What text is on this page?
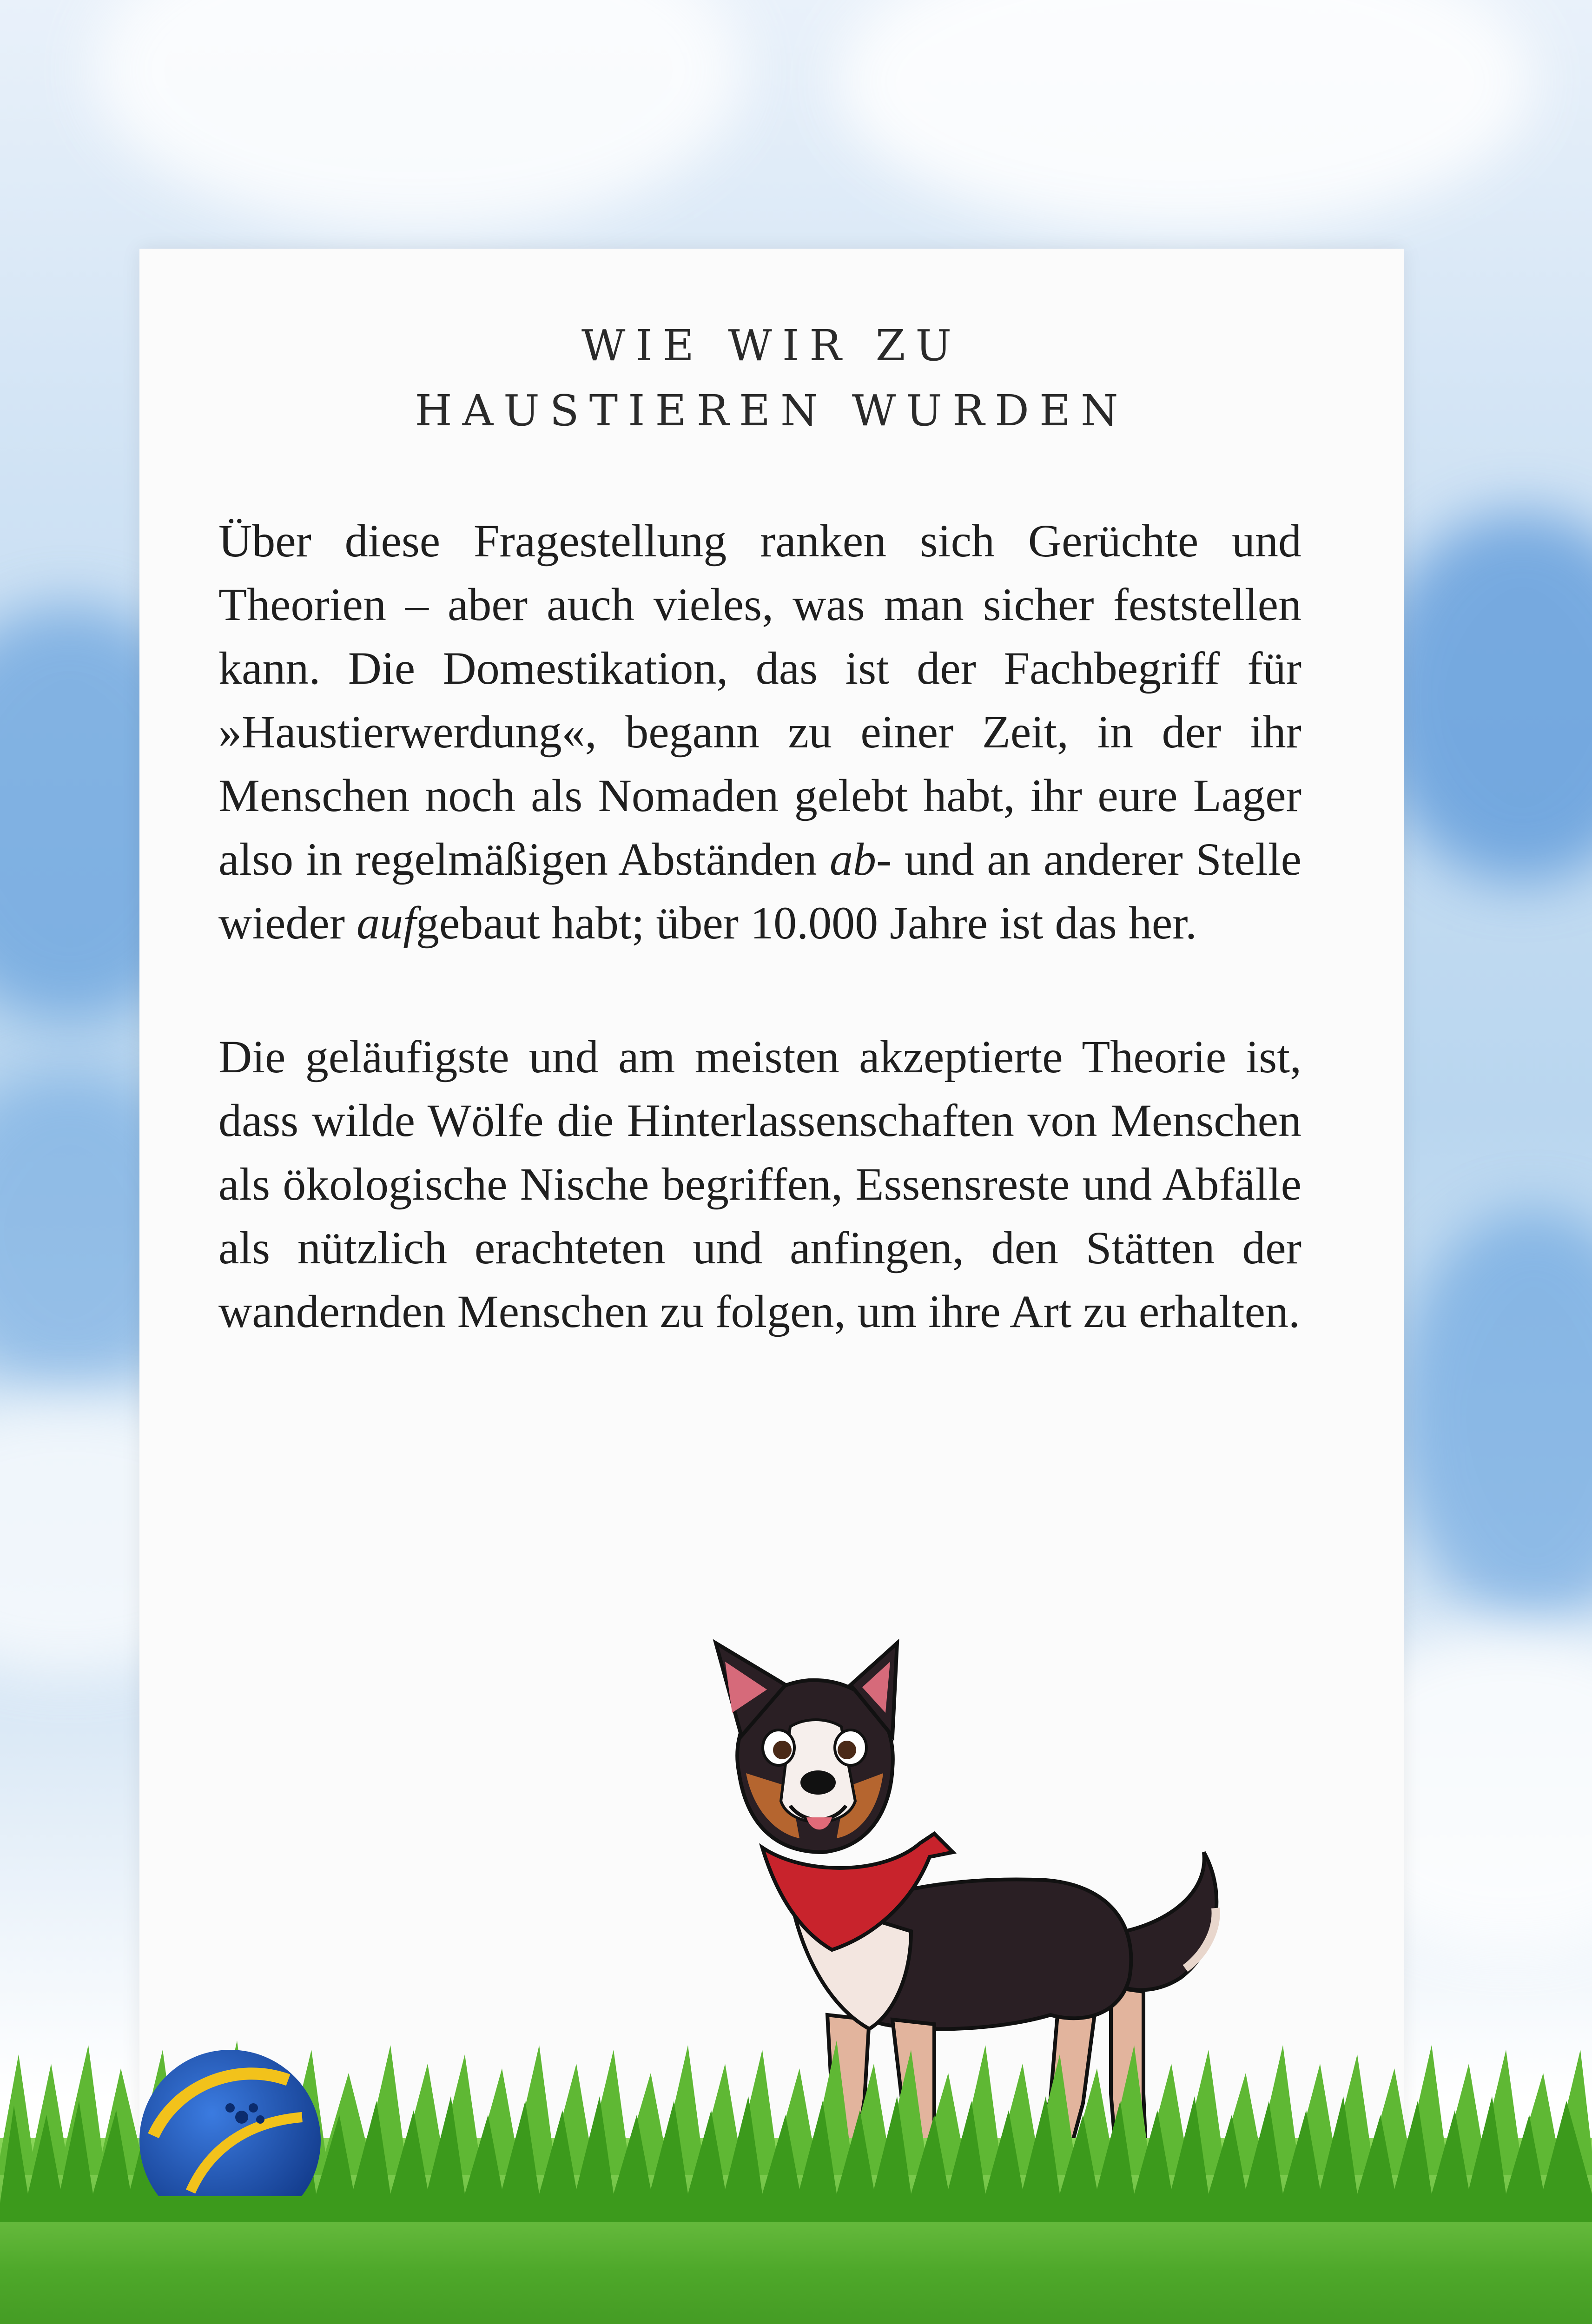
WIE WIR ZU
HAUSTIEREN WURDEN

Über diese Fragestellung ranken sich Gerüchte und Theorien – aber auch vieles, was man sicher feststellen kann. Die Domestikation, das ist der Fachbegriff für »Haustierwerdung«, begann zu einer Zeit, in der ihr Menschen noch als Nomaden gelebt habt, ihr eure Lager also in regelmäßigen Abständen ab- und an anderer Stelle wieder aufgebaut habt; über 10.000 Jahre ist das her.

Die geläufigste und am meisten akzeptierte Theorie ist, dass wilde Wölfe die Hinterlassenschaften von Menschen als ökologische Nische begriffen, Essensreste und Abfälle als nützlich erachteten und anfingen, den Stätten der wandernden Menschen zu folgen, um ihre Art zu erhalten.
